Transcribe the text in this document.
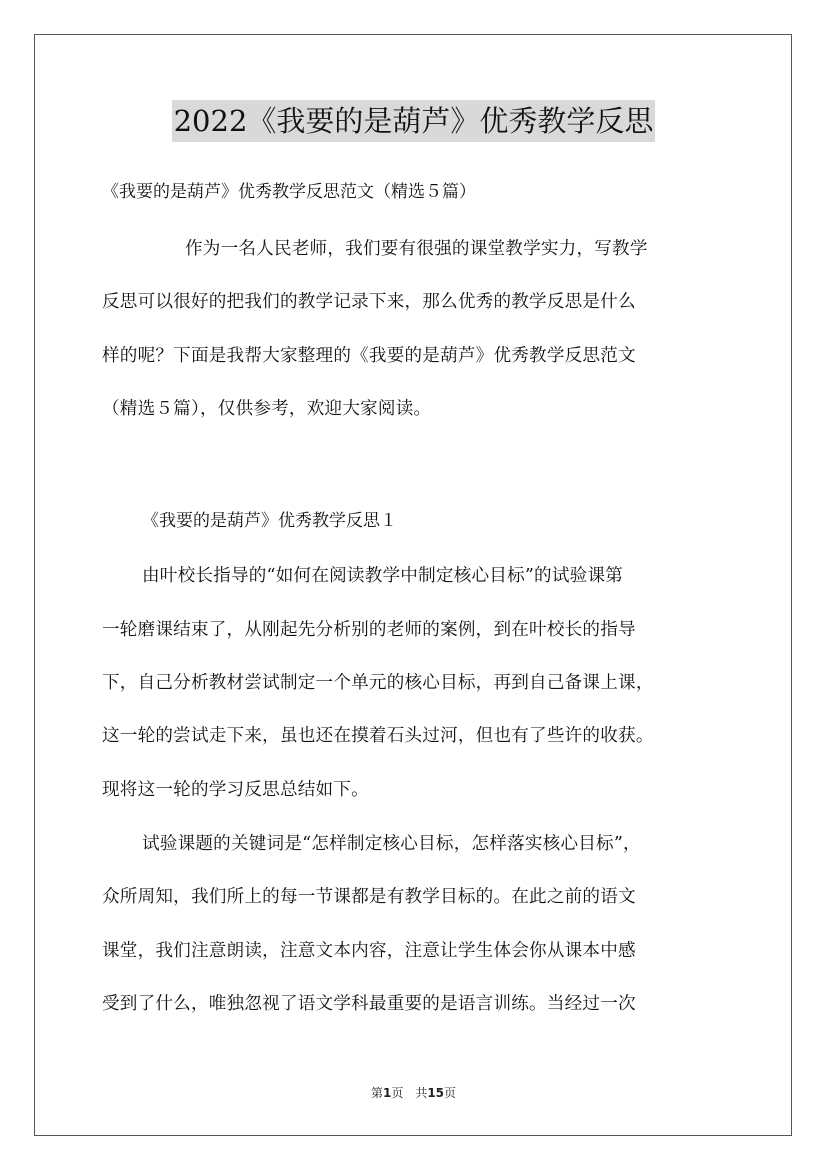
2022《我要的是葫芦》优秀教学反思
《我要的是葫芦》优秀教学反思范文（精选５篇）
作为一名人民老师，我们要有很强的课堂教学实力，写教学
反思可以很好的把我们的教学记录下来，那么优秀的教学反思是什么
样的呢？下面是我帮大家整理的《我要的是葫芦》优秀教学反思范文
（精选５篇），仅供参考，欢迎大家阅读。
《我要的是葫芦》优秀教学反思１
由叶校长指导的“如何在阅读教学中制定核心目标”的试验课第
一轮磨课结束了，从刚起先分析别的老师的案例，到在叶校长的指导
下，自己分析教材尝试制定一个单元的核心目标，再到自己备课上课，
这一轮的尝试走下来，虽也还在摸着石头过河，但也有了些许的收获。
现将这一轮的学习反思总结如下。
试验课题的关键词是“怎样制定核心目标，怎样落实核心目标”，
众所周知，我们所上的每一节课都是有教学目标的。在此之前的语文
课堂，我们注意朗读，注意文本内容，注意让学生体会你从课本中感
受到了什么，唯独忽视了语文学科最重要的是语言训练。当经过一次
第1页　共15页
